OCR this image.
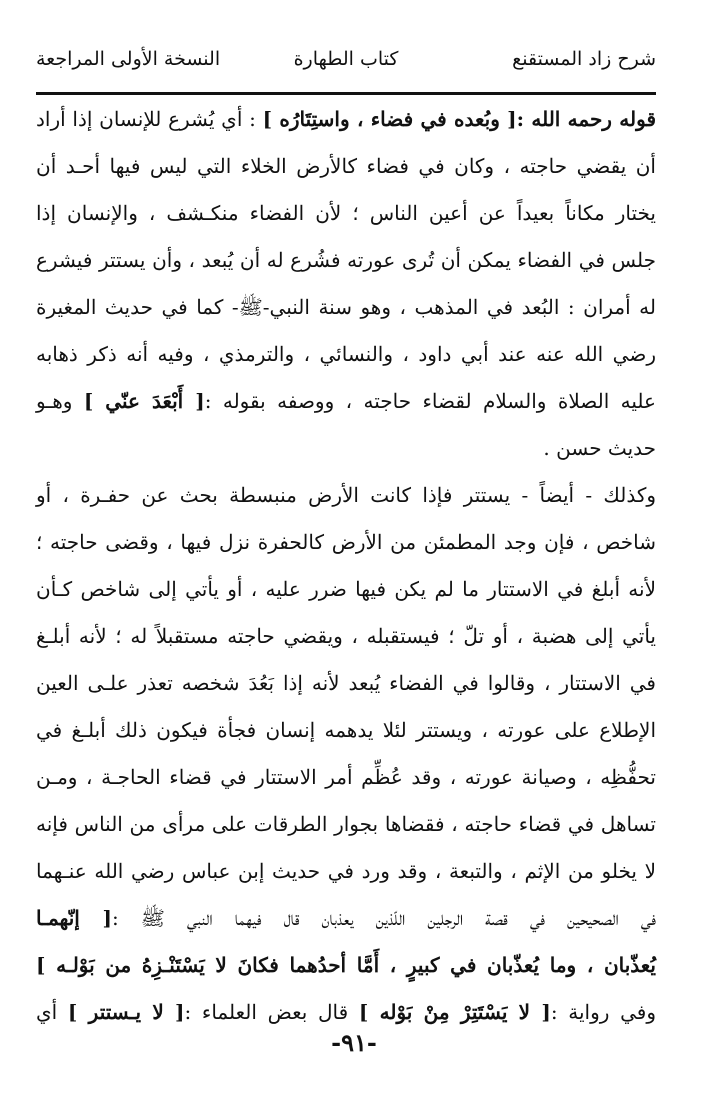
شرح زاد المستقنع
كتاب الطهارة
النسخة الأولى المراجعة
قوله رحمه الله :[ وبُعده في فضاء ، واستِتَارُه ] : أي يُشرع للإنسان إذا أراد
أن يقضي حاجته ، وكان في فضاء كالأرض الخلاء التي ليس فيها أحـد أن
يختار مكاناً بعيداً عن أعين الناس ؛ لأن الفضاء منكـشف ، والإنسان إذا
جلس في الفضاء يمكن أن تُرى عورته فشُرع له أن يُبعد ، وأن يستتر فيشرع
له أمران : البُعد في المذهب ، وهو سنة النبي-ﷺ- كما في حديث المغيرة
رضي الله عنه عند أبي داود ، والنسائي ، والترمذي ، وفيه أنه ذكر ذهابه
عليه الصلاة والسلام لقضاء حاجته ، ووصفه بقوله :[ أَبْعَدَ عنّي ] وهـو
حديث حسن .
وكذلك - أيضاً - يستتر فإذا كانت الأرض منبسطة بحث عن حفـرة ، أو
شاخص ، فإن وجد المطمئن من الأرض كالحفرة نزل فيها ، وقضى حاجته ؛
لأنه أبلغ في الاستتار ما لم يكن فيها ضرر عليه ، أو يأتي إلى شاخص كـأن
يأتي إلى هضبة ، أو تلّ ؛ فيستقبله ، ويقضي حاجته مستقبلاً له ؛ لأنه أبلـغ
في الاستتار ، وقالوا في الفضاء يُبعد لأنه إذا بَعُدَ شخصه تعذر علـى العين
الإطلاع على عورته ، ويستتر لئلا يدهمه إنسان فجأة فيكون ذلك أبلـغ في
تحفُّظِه ، وصيانة عورته ، وقد عُظِّم أمر الاستتار في قضاء الحاجـة ، ومـن
تساهل في قضاء حاجته ، فقضاها بجوار الطرقات على مرأى من الناس فإنه
لا يخلو من الإثم ، والتبعة ، وقد ورد في حديث إبن عباس رضي الله عنـهما
في الصحيحين في قصة الرجلين اللّذين يعذبان قال فيهما النبي ﷺ :[ إنّهمـا
يُعذّبان ، وما يُعذّبان في كبيرٍ ، أَمَّا أحدُهما فكانَ لا يَسْتَنْـزِهُ من بَوْلـه ]
وفي رواية :[ لا يَسْتَتِرْ مِنْ بَوْله ] قال بعض العلماء :[ لا يـستتر ] أي
-٩١-
